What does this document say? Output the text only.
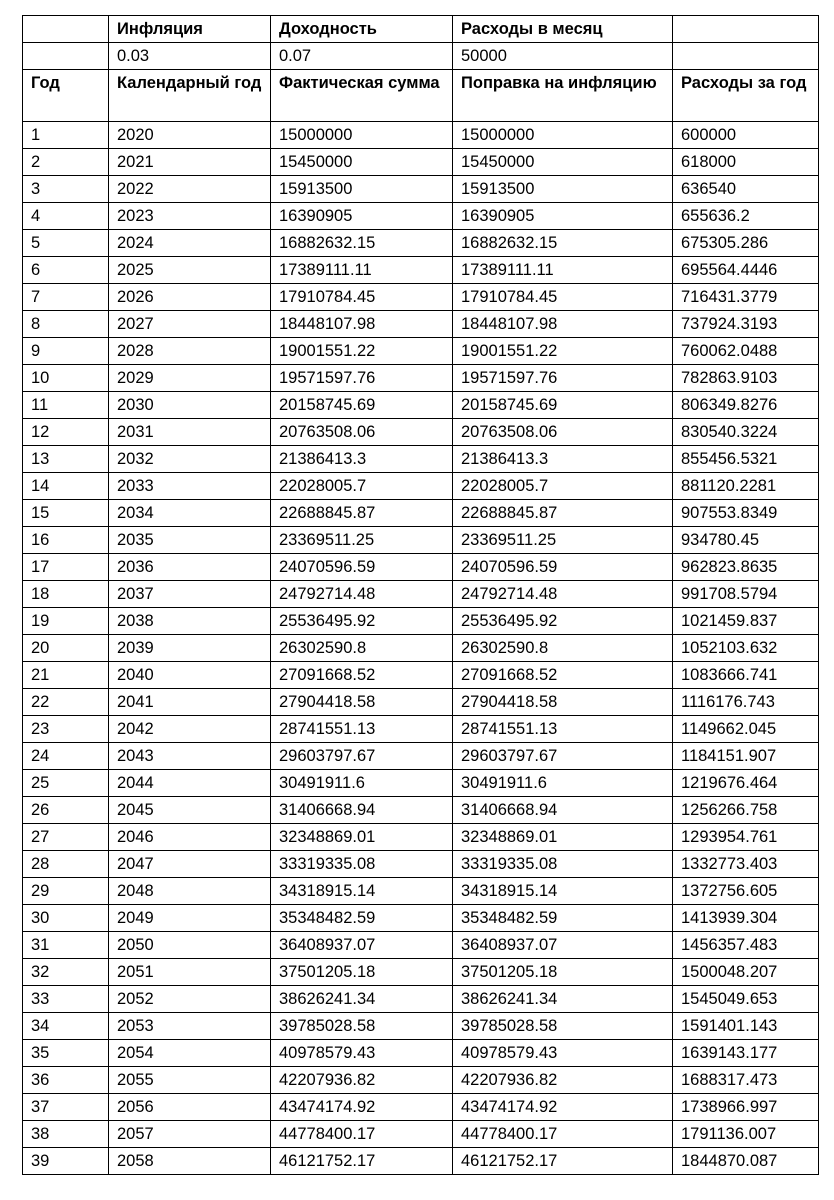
	Инфляция	Доходность	Расходы в месяц	
	0.03	0.07	50000	
Год	Календарный год	Фактическая сумма	Поправка на инфляцию	Расходы за год
1	2020	15000000	15000000	600000
2	2021	15450000	15450000	618000
3	2022	15913500	15913500	636540
4	2023	16390905	16390905	655636.2
5	2024	16882632.15	16882632.15	675305.286
6	2025	17389111.11	17389111.11	695564.4446
7	2026	17910784.45	17910784.45	716431.3779
8	2027	18448107.98	18448107.98	737924.3193
9	2028	19001551.22	19001551.22	760062.0488
10	2029	19571597.76	19571597.76	782863.9103
11	2030	20158745.69	20158745.69	806349.8276
12	2031	20763508.06	20763508.06	830540.3224
13	2032	21386413.3	21386413.3	855456.5321
14	2033	22028005.7	22028005.7	881120.2281
15	2034	22688845.87	22688845.87	907553.8349
16	2035	23369511.25	23369511.25	934780.45
17	2036	24070596.59	24070596.59	962823.8635
18	2037	24792714.48	24792714.48	991708.5794
19	2038	25536495.92	25536495.92	1021459.837
20	2039	26302590.8	26302590.8	1052103.632
21	2040	27091668.52	27091668.52	1083666.741
22	2041	27904418.58	27904418.58	1116176.743
23	2042	28741551.13	28741551.13	1149662.045
24	2043	29603797.67	29603797.67	1184151.907
25	2044	30491911.6	30491911.6	1219676.464
26	2045	31406668.94	31406668.94	1256266.758
27	2046	32348869.01	32348869.01	1293954.761
28	2047	33319335.08	33319335.08	1332773.403
29	2048	34318915.14	34318915.14	1372756.605
30	2049	35348482.59	35348482.59	1413939.304
31	2050	36408937.07	36408937.07	1456357.483
32	2051	37501205.18	37501205.18	1500048.207
33	2052	38626241.34	38626241.34	1545049.653
34	2053	39785028.58	39785028.58	1591401.143
35	2054	40978579.43	40978579.43	1639143.177
36	2055	42207936.82	42207936.82	1688317.473
37	2056	43474174.92	43474174.92	1738966.997
38	2057	44778400.17	44778400.17	1791136.007
39	2058	46121752.17	46121752.17	1844870.087
